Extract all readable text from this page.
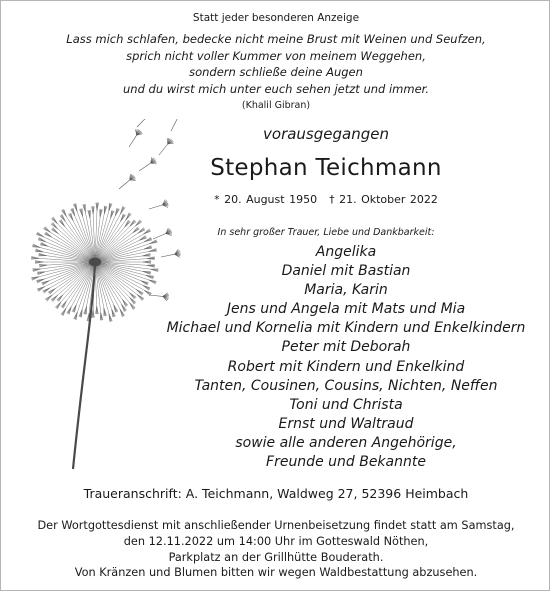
Statt jeder besonderen Anzeige
Lass mich schlafen, bedecke nicht meine Brust mit Weinen und Seufzen,
sprich nicht voller Kummer von meinem Weggehen,
sondern schließe deine Augen
und du wirst mich unter euch sehen jetzt und immer.
(Khalil Gibran)
vorausgegangen
Stephan Teichmann
* 20. August 1950 † 21. Oktober 2022
In sehr großer Trauer, Liebe und Dankbarkeit:
Angelika
Daniel mit Bastian
Maria, Karin
Jens und Angela mit Mats und Mia
Michael und Kornelia mit Kindern und Enkelkindern
Peter mit Deborah
Robert mit Kindern und Enkelkind
Tanten, Cousinen, Cousins, Nichten, Neffen
Toni und Christa
Ernst und Waltraud
sowie alle anderen Angehörige,
Freunde und Bekannte
Traueranschrift: A. Teichmann, Waldweg 27, 52396 Heimbach
Der Wortgottesdienst mit anschließender Urnenbeisetzung findet statt am Samstag,
den 12.11.2022 um 14:00 Uhr im Gotteswald Nöthen,
Parkplatz an der Grillhütte Bouderath.
Von Kränzen und Blumen bitten wir wegen Waldbestattung abzusehen.
